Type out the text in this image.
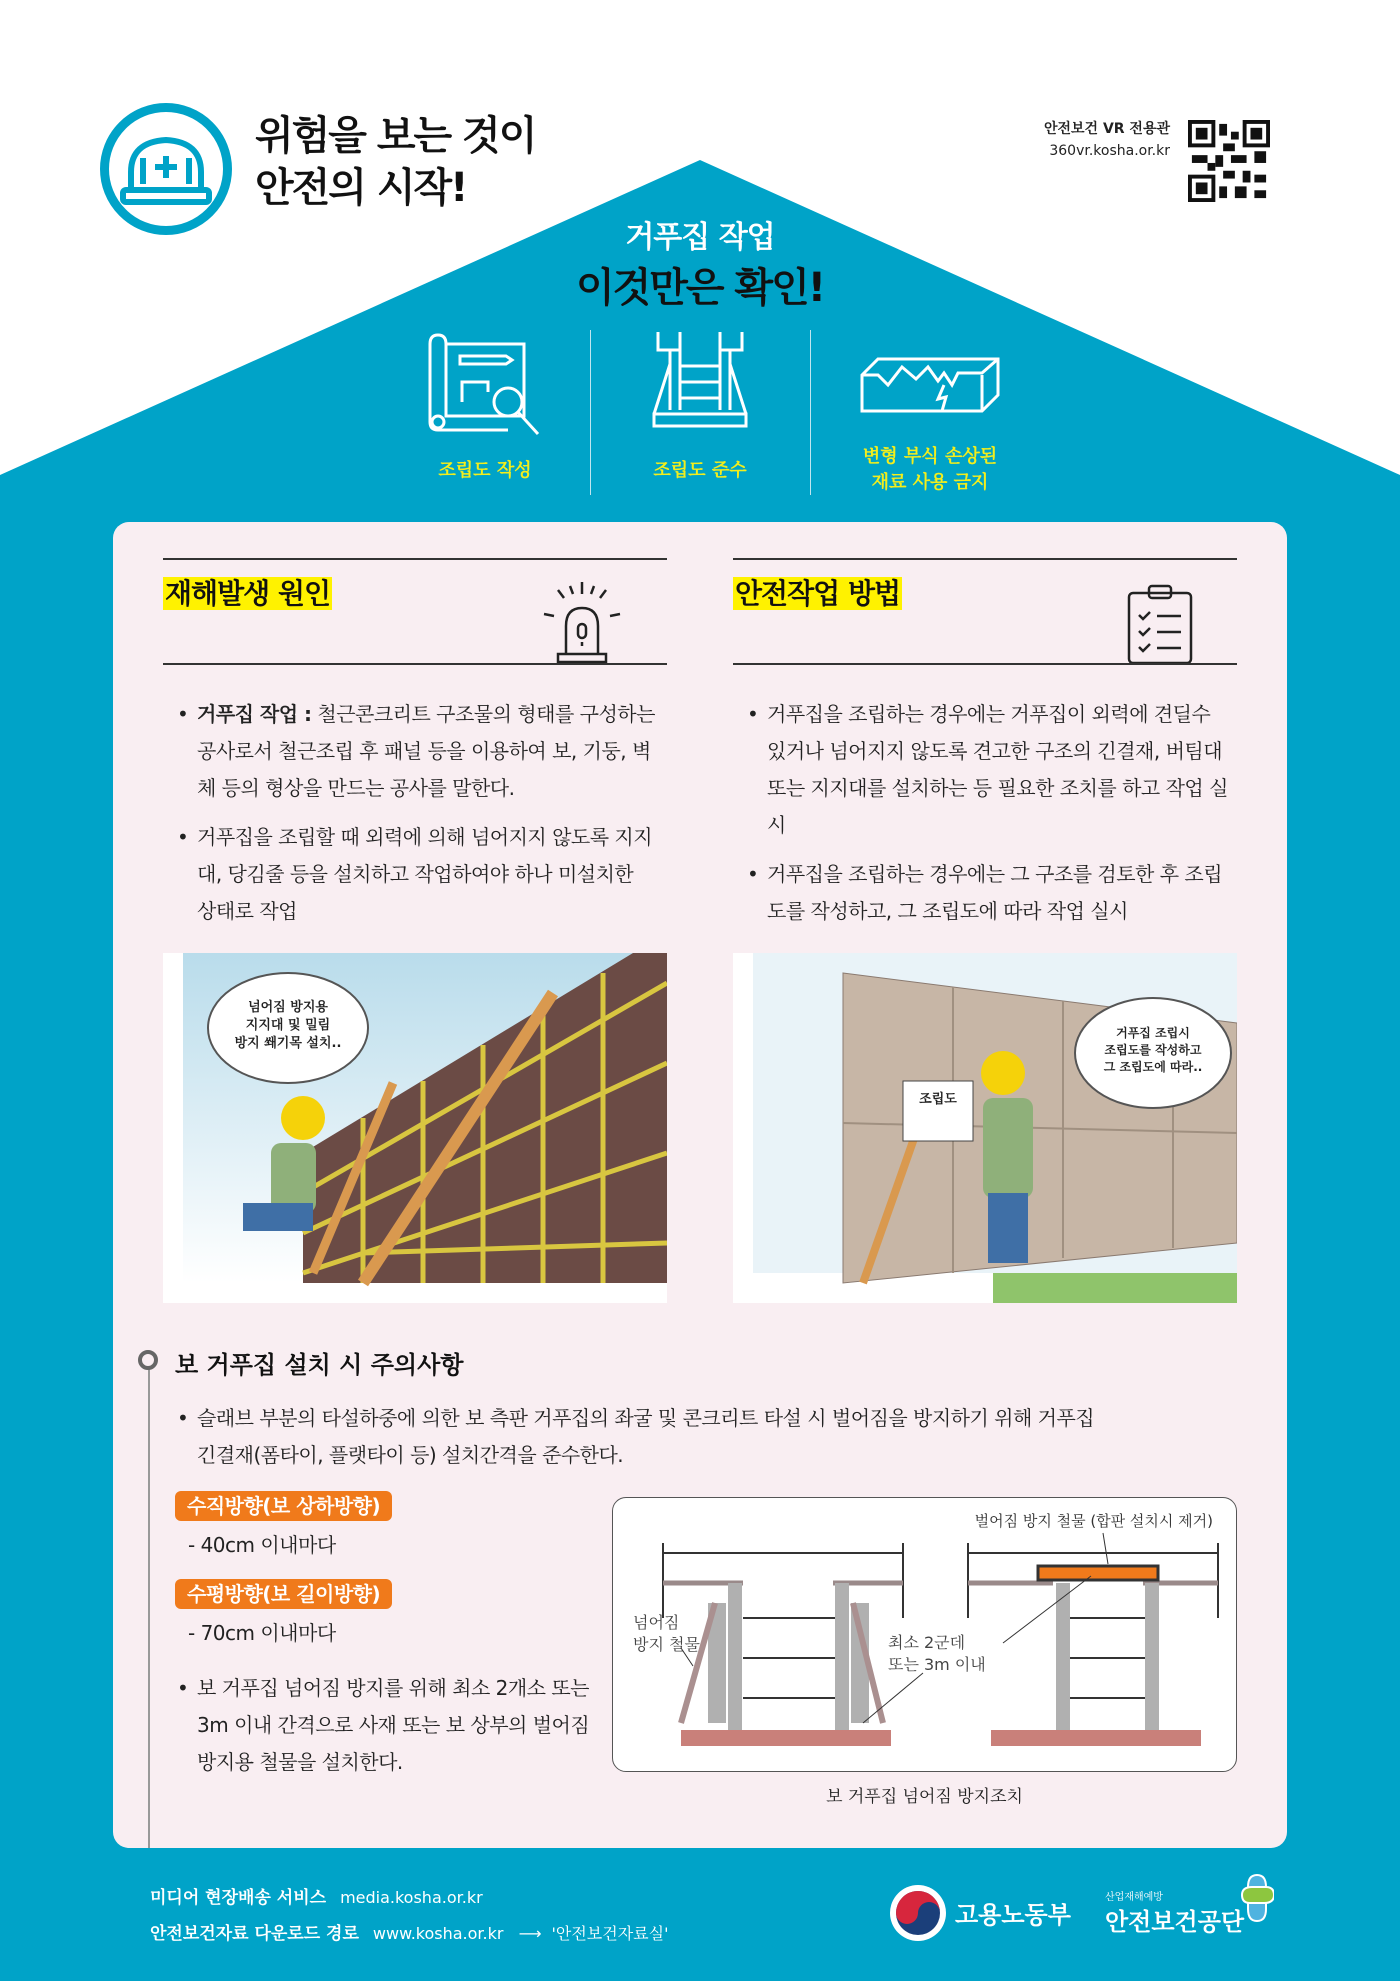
위험을 보는 것이
안전의 시작!
안전보건 VR 전용관
360vr.kosha.or.kr
거푸집 작업
이것만은 확인!
조립도 작성	조립도 준수
변형 부식 손상된
재료 사용 금지
재해발생 원인
• 거푸집 작업 : 철근콘크리트 구조물의 형태를 구성하는 공사로서 철근조립 후 패널 등을 이용하여 보, 기둥, 벽체 등의 형상을 만드는 공사를 말한다.
• 거푸집을 조립할 때 외력에 의해 넘어지지 않도록 지지대, 당김줄 등을 설치하고 작업하여야 하나 미설치한 상태로 작업
넘어짐 방지용
지지대 및 밀림
방지 쐐기목 설치..
안전작업 방법
• 거푸집을 조립하는 경우에는 거푸집이 외력에 견딜수 있거나 넘어지지 않도록 견고한 구조의 긴결재, 버팀대 또는 지지대를 설치하는 등 필요한 조치를 하고 작업 실시
• 거푸집을 조립하는 경우에는 그 구조를 검토한 후 조립도를 작성하고, 그 조립도에 따라 작업 실시
조립도
거푸집 조립시
조립도를 작성하고
그 조립도에 따라..
보 거푸집 설치 시 주의사항
• 슬래브 부분의 타설하중에 의한 보 측판 거푸집의 좌굴 및 콘크리트 타설 시 벌어짐을 방지하기 위해 거푸집 긴결재(폼타이, 플랫타이 등) 설치간격을 준수한다.
수직방향(보 상하방향)
- 40cm 이내마다
수평방향(보 길이방향)
- 70cm 이내마다
• 보 거푸집 넘어짐 방지를 위해 최소 2개소 또는 3m 이내 간격으로 사재 또는 보 상부의 벌어짐 방지용 철물을 설치한다.
벌어짐 방지 철물 (합판 설치시 제거)
넘어짐
방지 철물	최소 2군데
또는 3m 이내
보 거푸집 넘어짐 방지조치
미디어 현장배송 서비스 media.kosha.or.kr
안전보건자료 다운로드 경로 www.kosha.or.kr ⟶ '안전보건자료실'
고용노동부
산업재해예방
안전보건공단
